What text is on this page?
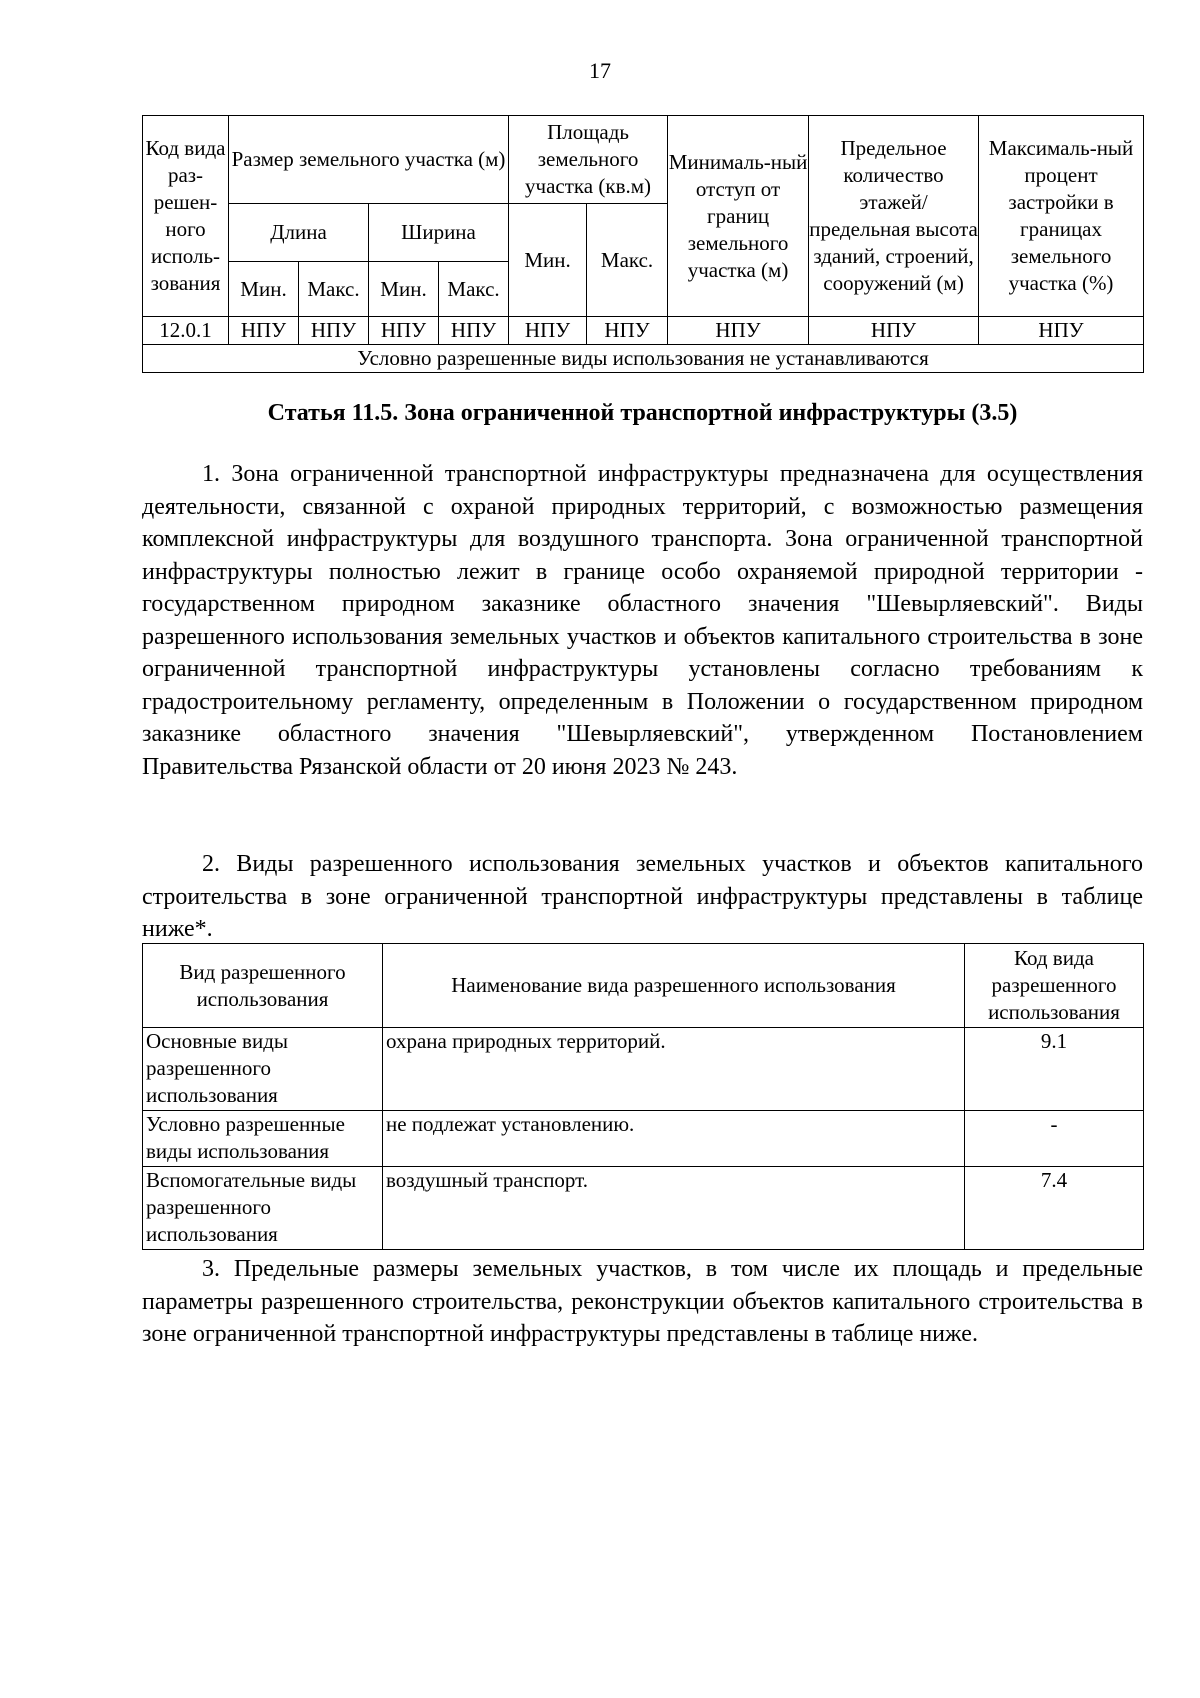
17
Код вида раз-решен-ного исполь-зования	Размер земельного участка (м)				Площадь земельного участка (кв.м)		Минималь-ный отступ от границ земельного участка (м)	Предельное количество этажей/ предельная высота зданий, строений, сооружений (м)	Максималь-ный процент застройки в границах земельного участка (%)
	Длина		Ширина		Мин.	Макс.			
	Мин.	Макс.	Мин.	Макс.					
12.0.1	НПУ	НПУ	НПУ	НПУ	НПУ	НПУ	НПУ	НПУ	НПУ
Условно разрешенные виды использования не устанавливаются									
Статья 11.5. Зона ограниченной транспортной инфраструктуры (3.5)

1. Зона ограниченной транспортной инфраструктуры предназначена для осуществления деятельности, связанной с охраной природных территорий, с возможностью размещения комплексной инфраструктуры для воздушного транспорта. Зона ограниченной транспортной инфраструктуры полностью лежит в границе особо охраняемой природной территории - государственном природном заказнике областного значения "Шевырляевский". Виды разрешенного использования земельных участков и объектов капитального строительства в зоне ограниченной транспортной инфраструктуры установлены согласно требованиям к градостроительному регламенту, определенным в Положении о государственном природном заказнике областного значения "Шевырляевский", утвержденном Постановлением Правительства Рязанской области от 20 июня 2023 № 243.

2. Виды разрешенного использования земельных участков и объектов капитального строительства в зоне ограниченной транспортной инфраструктуры представлены в таблице ниже*.

Вид разрешенного использования	Наименование вида разрешенного использования	Код вида разрешенного использования
Основные виды разрешенного использования	охрана природных территорий.	9.1
Условно разрешенные виды использования	не подлежат установлению.	-
Вспомогательные виды разрешенного использования	воздушный транспорт.	7.4

3. Предельные размеры земельных участков, в том числе их площадь и предельные параметры разрешенного строительства, реконструкции объектов капитального строительства в зоне ограниченной транспортной инфраструктуры представлены в таблице ниже.
